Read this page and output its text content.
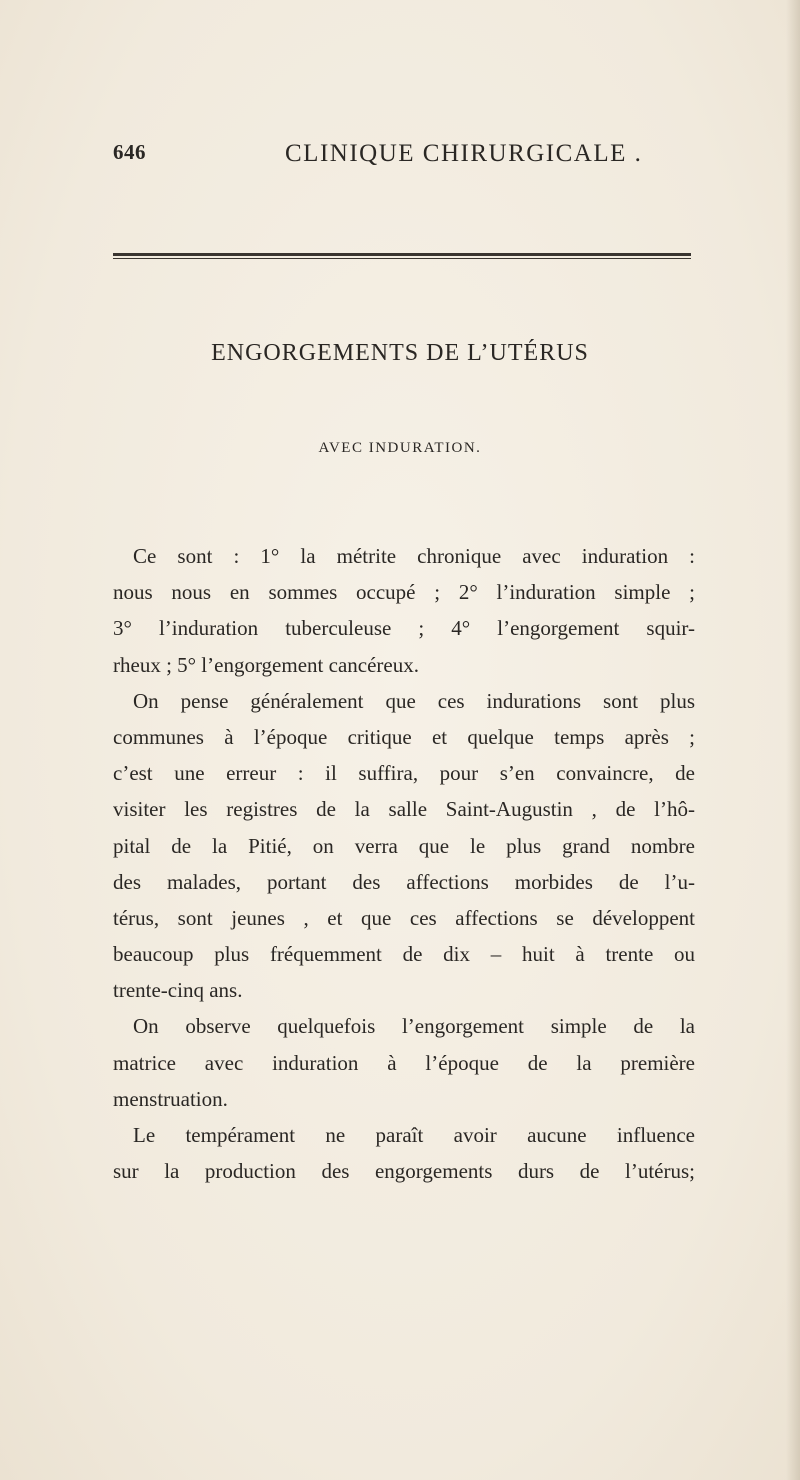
646	CLINIQUE CHIRURGICALE .
ENGORGEMENTS DE L’UTÉRUS
AVEC INDURATION.
Ce sont : 1° la métrite chronique avec induration :
nous nous en sommes occupé ; 2° l’induration simple ;
3° l’induration tuberculeuse ; 4° l’engorgement squir-
rheux ; 5° l’engorgement cancéreux.
On pense généralement que ces indurations sont plus
communes à l’époque critique et quelque temps après ;
c’est une erreur : il suffira, pour s’en convaincre, de
visiter les registres de la salle Saint-Augustin , de l’hô-
pital de la Pitié, on verra que le plus grand nombre
des malades, portant des affections morbides de l’u-
térus, sont jeunes , et que ces affections se développent
beaucoup plus fréquemment de dix – huit à trente ou
trente-cinq ans.
On observe quelquefois l’engorgement simple de la
matrice avec induration à l’époque de la première
menstruation.
Le tempérament ne paraît avoir aucune influence
sur la production des engorgements durs de l’utérus;
